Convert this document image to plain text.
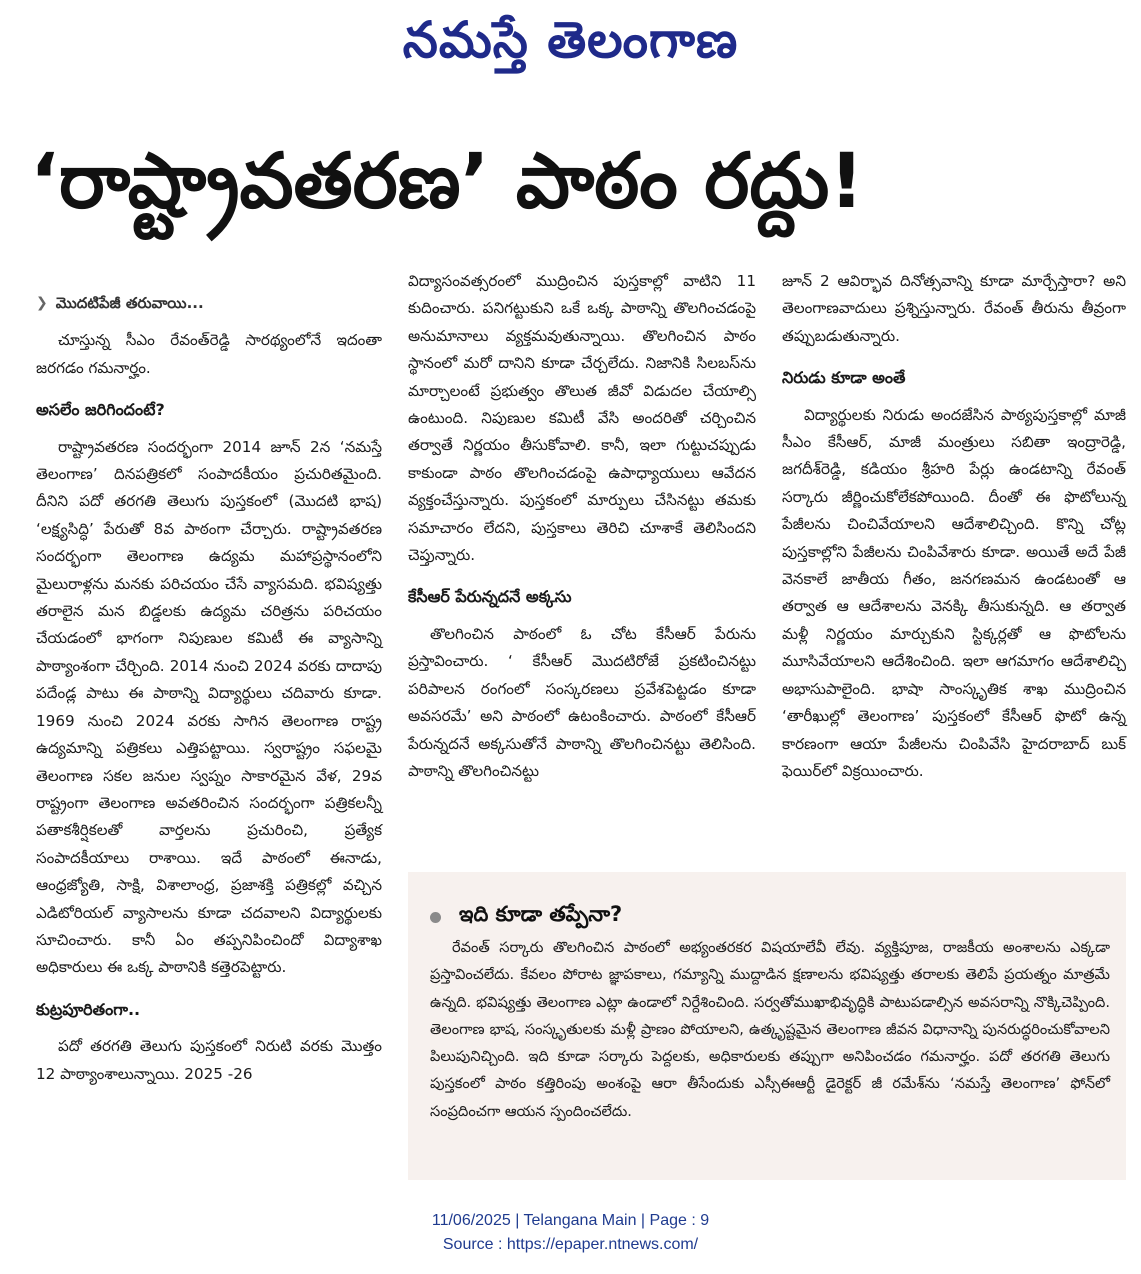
నమస్తే తెలంగాణ
‘రాష్ట్రావతరణ’ పాఠం రద్దు!
❯ మొదటిపేజీ తరువాయి...

చూస్తున్న సీఎం రేవంత్‌రెడ్డి సారథ్యంలోనే ఇదంతా జరగడం గమనార్హం.

అసలేం జరిగిందంటే?

రాష్ట్రావతరణ సందర్భంగా 2014 జూన్‌ 2న ‘నమస్తే తెలంగాణ’ దినపత్రికలో సంపాదకీయం ప్రచురితమైంది. దీనిని పదో తరగతి తెలుగు పుస్తకంలో (మొదటి భాష) ‘లక్ష్యసిద్ధి’ పేరుతో 8వ పాఠంగా చేర్చారు. రాష్ట్రావతరణ సందర్భంగా తెలంగాణ ఉద్యమ మహాప్రస్థానంలోని మైలురాళ్లను మనకు పరిచయం చేసే వ్యాసమది. భవిష్యత్తు తరాలైన మన బిడ్డలకు ఉద్యమ చరిత్రను పరిచయం చేయడంలో భాగంగా నిపుణుల కమిటీ ఈ వ్యాసాన్ని పాఠ్యాంశంగా చేర్చింది. 2014 నుంచి 2024 వరకు దాదాపు పదేండ్ల పాటు ఈ పాఠాన్ని విద్యార్థులు చదివారు కూడా. 1969 నుంచి 2024 వరకు సాగిన తెలంగాణ రాష్ట్ర ఉద్యమాన్ని పత్రికలు ఎత్తిపట్టాయి. స్వరాష్ట్రం సఫలమై తెలంగాణ సకల జనుల స్వప్నం సాకారమైన వేళ, 29వ రాష్ట్రంగా తెలంగాణ అవతరించిన సందర్భంగా పత్రికలన్నీ పతాకశీర్షికలతో వార్తలను ప్రచురించి, ప్రత్యేక సంపాదకీయాలు రాశాయి. ఇదే పాఠంలో ఈనాడు, ఆంధ్రజ్యోతి, సాక్షి, విశాలాంధ్ర, ప్రజాశక్తి పత్రికల్లో వచ్చిన ఎడిటోరియల్‌ వ్యాసాలను కూడా చదవాలని విద్యార్థులకు సూచించారు. కానీ ఏం తప్పనిపించిందో విద్యాశాఖ అధికారులు ఈ ఒక్క పాఠానికి కత్తెరపెట్టారు.

కుట్రపూరితంగా..

పదో తరగతి తెలుగు పుస్తకంలో నిరుటి వరకు మొత్తం 12 పాఠ్యాంశాలున్నాయి. 2025 -26

విద్యాసంవత్సరంలో ముద్రించిన పుస్తకాల్లో వాటిని 11 కుదించారు. పనిగట్టుకుని ఒకే ఒక్క పాఠాన్ని తొలగించడంపై అనుమానాలు వ్యక్తమవుతున్నాయి. తొలగించిన పాఠం స్థానంలో మరో దానిని కూడా చేర్చలేదు. నిజానికి సిలబస్‌ను మార్చాలంటే ప్రభుత్వం తొలుత జీవో విడుదల చేయాల్సి ఉంటుంది. నిపుణుల కమిటీ వేసి అందరితో చర్చించిన తర్వాతే నిర్ణయం తీసుకోవాలి. కానీ, ఇలా గుట్టుచప్పుడు కాకుండా పాఠం తొలగించడంపై ఉపాధ్యాయులు ఆవేదన వ్యక్తంచేస్తున్నారు. పుస్తకంలో మార్పులు చేసినట్టు తమకు సమాచారం లేదని, పుస్తకాలు తెరిచి చూశాకే తెలిసిందని చెప్తున్నారు.

కేసీఆర్‌ పేరున్నదనే అక్కసు

తొలగించిన పాఠంలో ఓ చోట కేసీఆర్‌ పేరును ప్రస్తావించారు. ‘ కేసీఆర్‌ మొదటిరోజే ప్రకటించినట్టు పరిపాలన రంగంలో సంస్కరణలు ప్రవేశపెట్టడం కూడా అవసరమే’ అని పాఠంలో ఉటంకించారు. పాఠంలో కేసీఆర్‌ పేరున్నదనే అక్కసుతోనే పాఠాన్ని తొలగించినట్టు తెలిసింది. పాఠాన్ని తొలగించినట్టు

జూన్‌ 2 ఆవిర్భావ దినోత్సవాన్ని కూడా మార్చేస్తారా? అని తెలంగాణవాదులు ప్రశ్నిస్తున్నారు. రేవంత్‌ తీరును తీవ్రంగా తప్పుబడుతున్నారు.

నిరుడు కూడా అంతే

విద్యార్థులకు నిరుడు అందజేసిన పాఠ్యపుస్తకాల్లో మాజీ సీఎం కేసీఆర్‌, మాజీ మంత్రులు సబితా ఇంద్రారెడ్డి, జగదీశ్‌రెడ్డి, కడియం శ్రీహరి పేర్లు ఉండటాన్ని రేవంత్‌ సర్కారు జీర్ణించుకోలేకపోయింది. దీంతో ఈ ఫొటోలున్న పేజీలను చించివేయాలని ఆదేశాలిచ్చింది. కొన్ని చోట్ల పుస్తకాల్లోని పేజీలను చింపివేశారు కూడా. అయితే అదే పేజీ వెనకాలే జాతీయ గీతం, జనగణమన ఉండటంతో ఆ తర్వాత ఆ ఆదేశాలను వెనక్కి తీసుకున్నది. ఆ తర్వాత మళ్లీ నిర్ణయం మార్చుకుని స్టిక్కర్లతో ఆ ఫొటోలను మూసివేయాలని ఆదేశించింది. ఇలా ఆగమాగం ఆదేశాలిచ్చి అభాసుపాలైంది. భాషా సాంస్కృతిక శాఖ ముద్రించిన ‘తారీఖుల్లో తెలంగాణ’ పుస్తకంలో కేసీఆర్‌ ఫొటో ఉన్న కారణంగా ఆయా పేజీలను చింపివేసి హైదరాబాద్‌ బుక్‌ ఫెయిర్‌లో విక్రయించారు.

ఇది కూడా తప్పేనా?

రేవంత్‌ సర్కారు తొలగించిన పాఠంలో అభ్యంతరకర విషయాలేవీ లేవు. వ్యక్తిపూజ, రాజకీయ అంశాలను ఎక్కడా ప్రస్తావించలేదు. కేవలం పోరాట జ్ఞాపకాలు, గమ్యాన్ని ముద్దాడిన క్షణాలను భవిష్యత్తు తరాలకు తెలిపే ప్రయత్నం మాత్రమే ఉన్నది. భవిష్యత్తు తెలంగాణ ఎట్లా ఉండాలో నిర్దేశించింది. సర్వతోముఖాభివృద్ధికి పాటుపడాల్సిన అవసరాన్ని నొక్కిచెప్పింది. తెలంగాణ భాష, సంస్కృతులకు మళ్లీ ప్రాణం పోయాలని, ఉత్కృష్టమైన తెలంగాణ జీవన విధానాన్ని పునరుద్ధరించుకోవాలని పిలుపునిచ్చింది. ఇది కూడా సర్కారు పెద్దలకు, అధికారులకు తప్పుగా అనిపించడం గమనార్హం. పదో తరగతి తెలుగు పుస్తకంలో పాఠం కత్తిరింపు అంశంపై ఆరా తీసేందుకు ఎస్సీఈఆర్టీ డైరెక్టర్‌ జీ రమేశ్‌ను ‘నమస్తే తెలంగాణ’ ఫోన్‌లో సంప్రదించగా ఆయన స్పందించలేదు.

11/06/2025 | Telangana Main | Page : 9
Source : https://epaper.ntnews.com/
